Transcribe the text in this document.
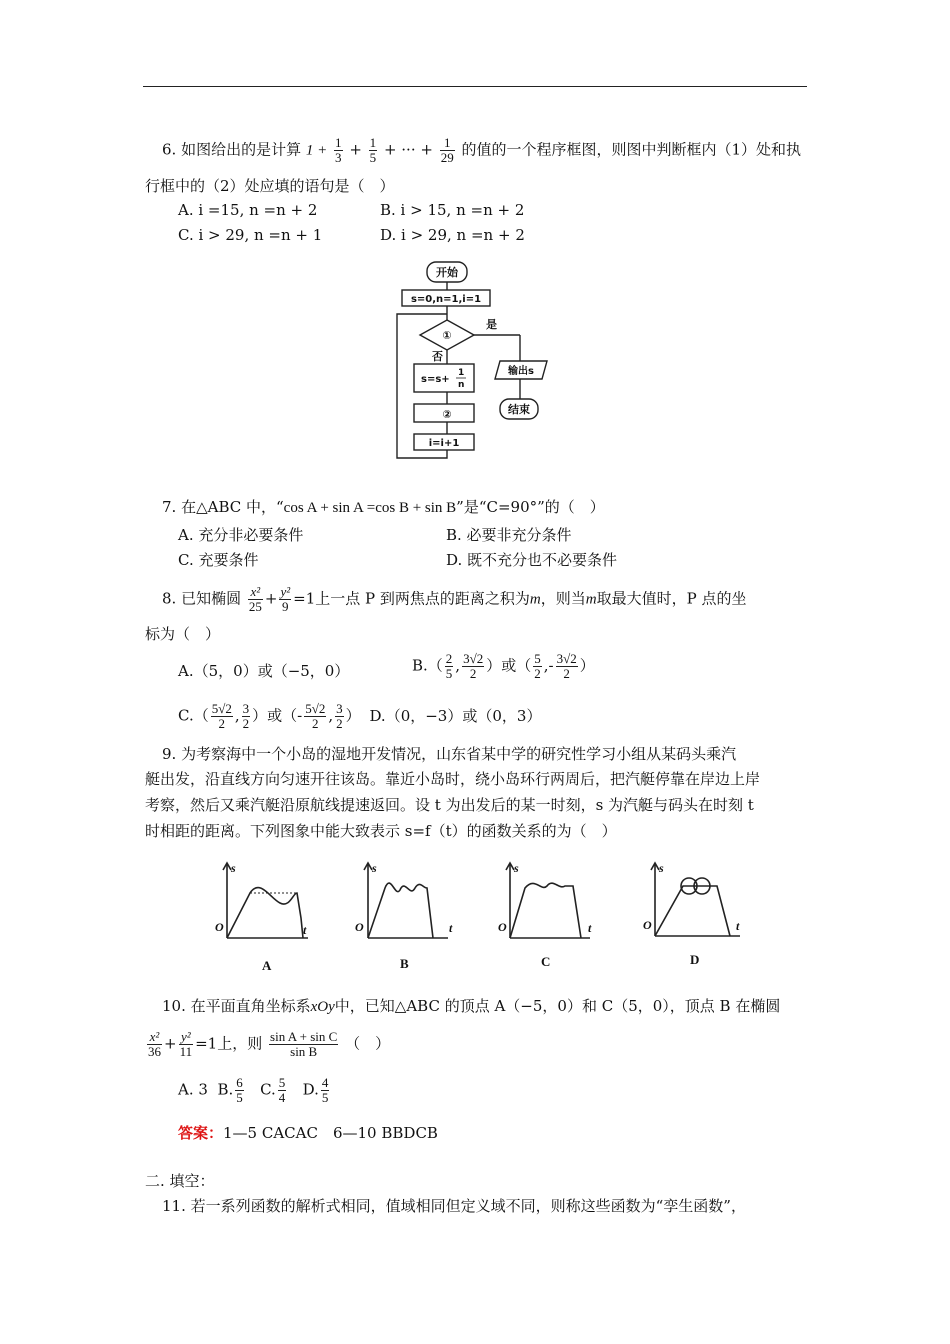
6. 如图给出的是计算 $1 + \frac{1}{3} + \frac{1}{5}$ + ··· + $\frac{1}{29}$ 的值的一个程序框图，则图中判断框内（1）处和执
行框中的（2）处应填的语句是（　）
A. i =15, n =n + 2	B. i > 15, n =n + 2
C. i > 29, n =n + 1	D. i > 29, n =n + 2
开始
s=0,n=1,i=1
①
是
否
s=s+
1
n
②
i=i+1
输出s
结束
7. 在△ABC 中，“cos A + sin A =cos B + sin B”是“C=90°”的（　）
A. 充分非必要条件	B. 必要非充分条件
C. 充要条件	D. 既不充分也不必要条件
8. 已知椭圆 $\frac{\text{x²}}{25} + \frac{\text{y²}}{9} =1$上一点 P 到两焦点的距离之积为m，则当m取最大值时，P 点的坐
标为（　）
A.（5，0）或（−5，0）	$B.( \frac{2}{5}$ , $\frac{3√2}{2}$ ）或（ $\frac{5}{2}$ ,- $\frac{3√2}{2}$ ）
$C.( \frac{5√2}{2}$ , $\frac{3}{2}$ ）或（- $\frac{5√2}{2}$ , $\frac{3}{2}$ ） D.（0，−3）或（0，3）
9. 为考察海中一个小岛的湿地开发情况，山东省某中学的研究性学习小组从某码头乘汽
艇出发，沿直线方向匀速开往该岛。靠近小岛时，绕小岛环行两周后，把汽艇停靠在岸边上岸
考察，然后又乘汽艇沿原航线提速返回。设 t 为出发后的某一时刻，s 为汽艇与码头在时刻 t
时相距的距离。下列图象中能大致表示 s=f（t）的函数关系的为（　）
s
t
O
s
t
O
s
t
O
s
t
O
A	B	C	D
10. 在平面直角坐标系xOy中，已知△ABC 的顶点 A（−5，0）和 C（5，0），顶点 B 在椭圆
$\frac{\text{x²}}{36} + \frac{\text{y²}}{11} =1$上，则 $\frac{\text{sin A + sin C}}{\text{sin B}}$ （　）
A. 3 B. $\frac{6}{5} C$. $\frac{5}{4} D$. $\frac{4}{5}$
答案：1—5 CACAC　6—10 BBDCB
二. 填空：
11. 若一系列函数的解析式相同，值域相同但定义域不同，则称这些函数为“孪生函数”，
